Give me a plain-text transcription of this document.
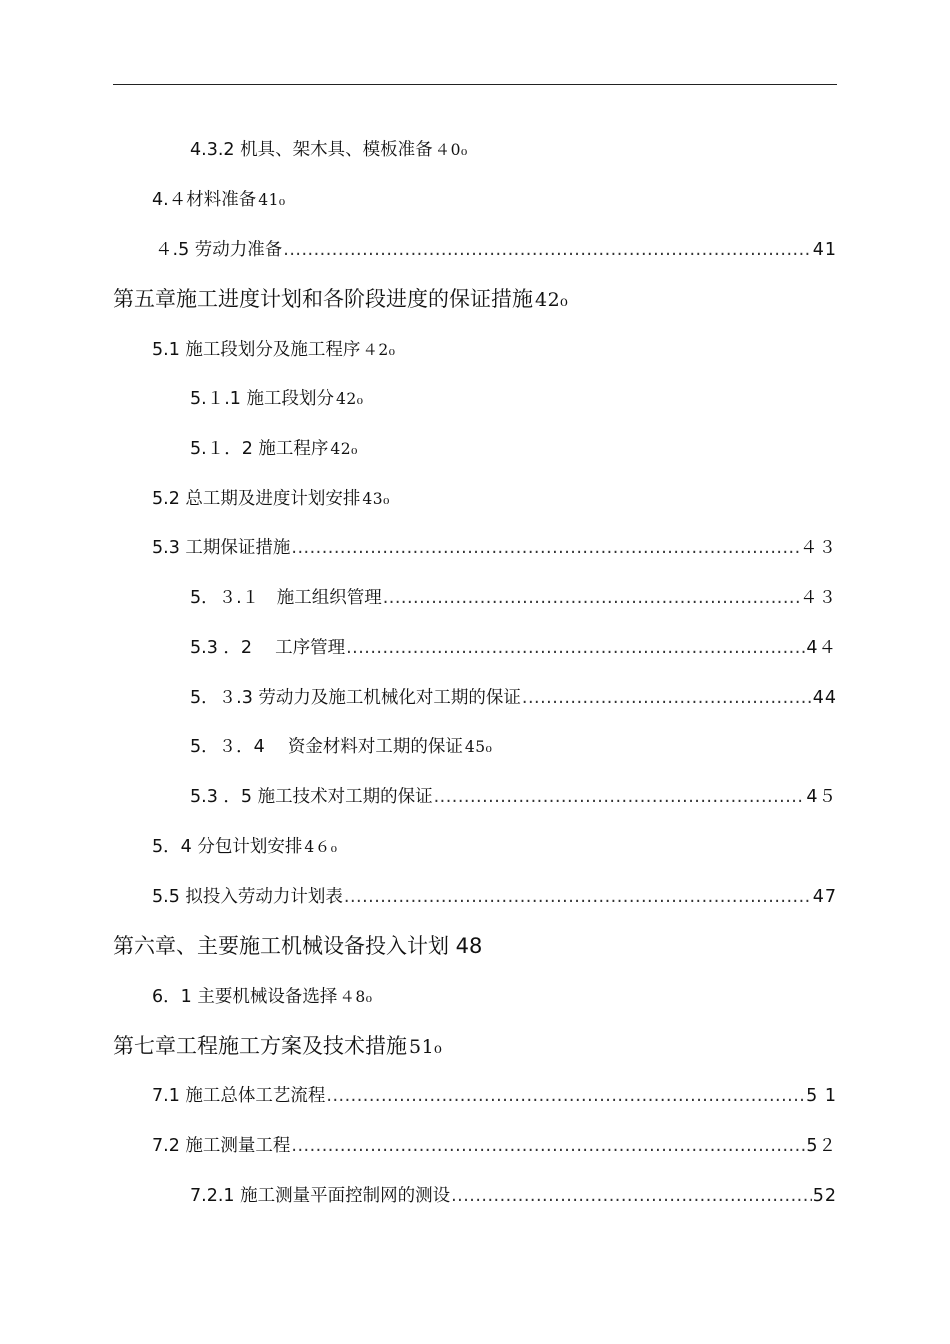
4.3.2 机具、架木具、模板准备 ４0₀
4.４材料准备 41₀
４.5 劳动力准备 .....	41
第五章施工进度计划和各阶段进度的保证措施 42₀
5.1 施工段划分及施工程序 ４2₀
5.１.1 施工段划分 42₀
5.１．2 施工程序 42₀
5.2 总工期及进度计划安排 43₀
5.3 工期保证措施 .....	４３
5．３.１　施工组织管理 .....	４３
5.3 ．2　 工序管理 .....	4４
5．３.3 劳动力及施工机械化对工期的保证 .....	44
5．３．4　 资金材料对工期的保证 45₀
5.3 ．5 施工技术对工期的保证 .....	4５
5．4 分包计划安排 4６₀
5.5 拟投入劳动力计划表 .....	47
第六章、主要施工机械设备投入计划 48
6．1 主要机械设备选择 ４8₀
第七章工程施工方案及技术措施 51₀
7.1 施工总体工艺流程 .....	5 1
7.2 施工测量工程 .....	5２
7.2.1 施工测量平面控制网的测设 .....	52
